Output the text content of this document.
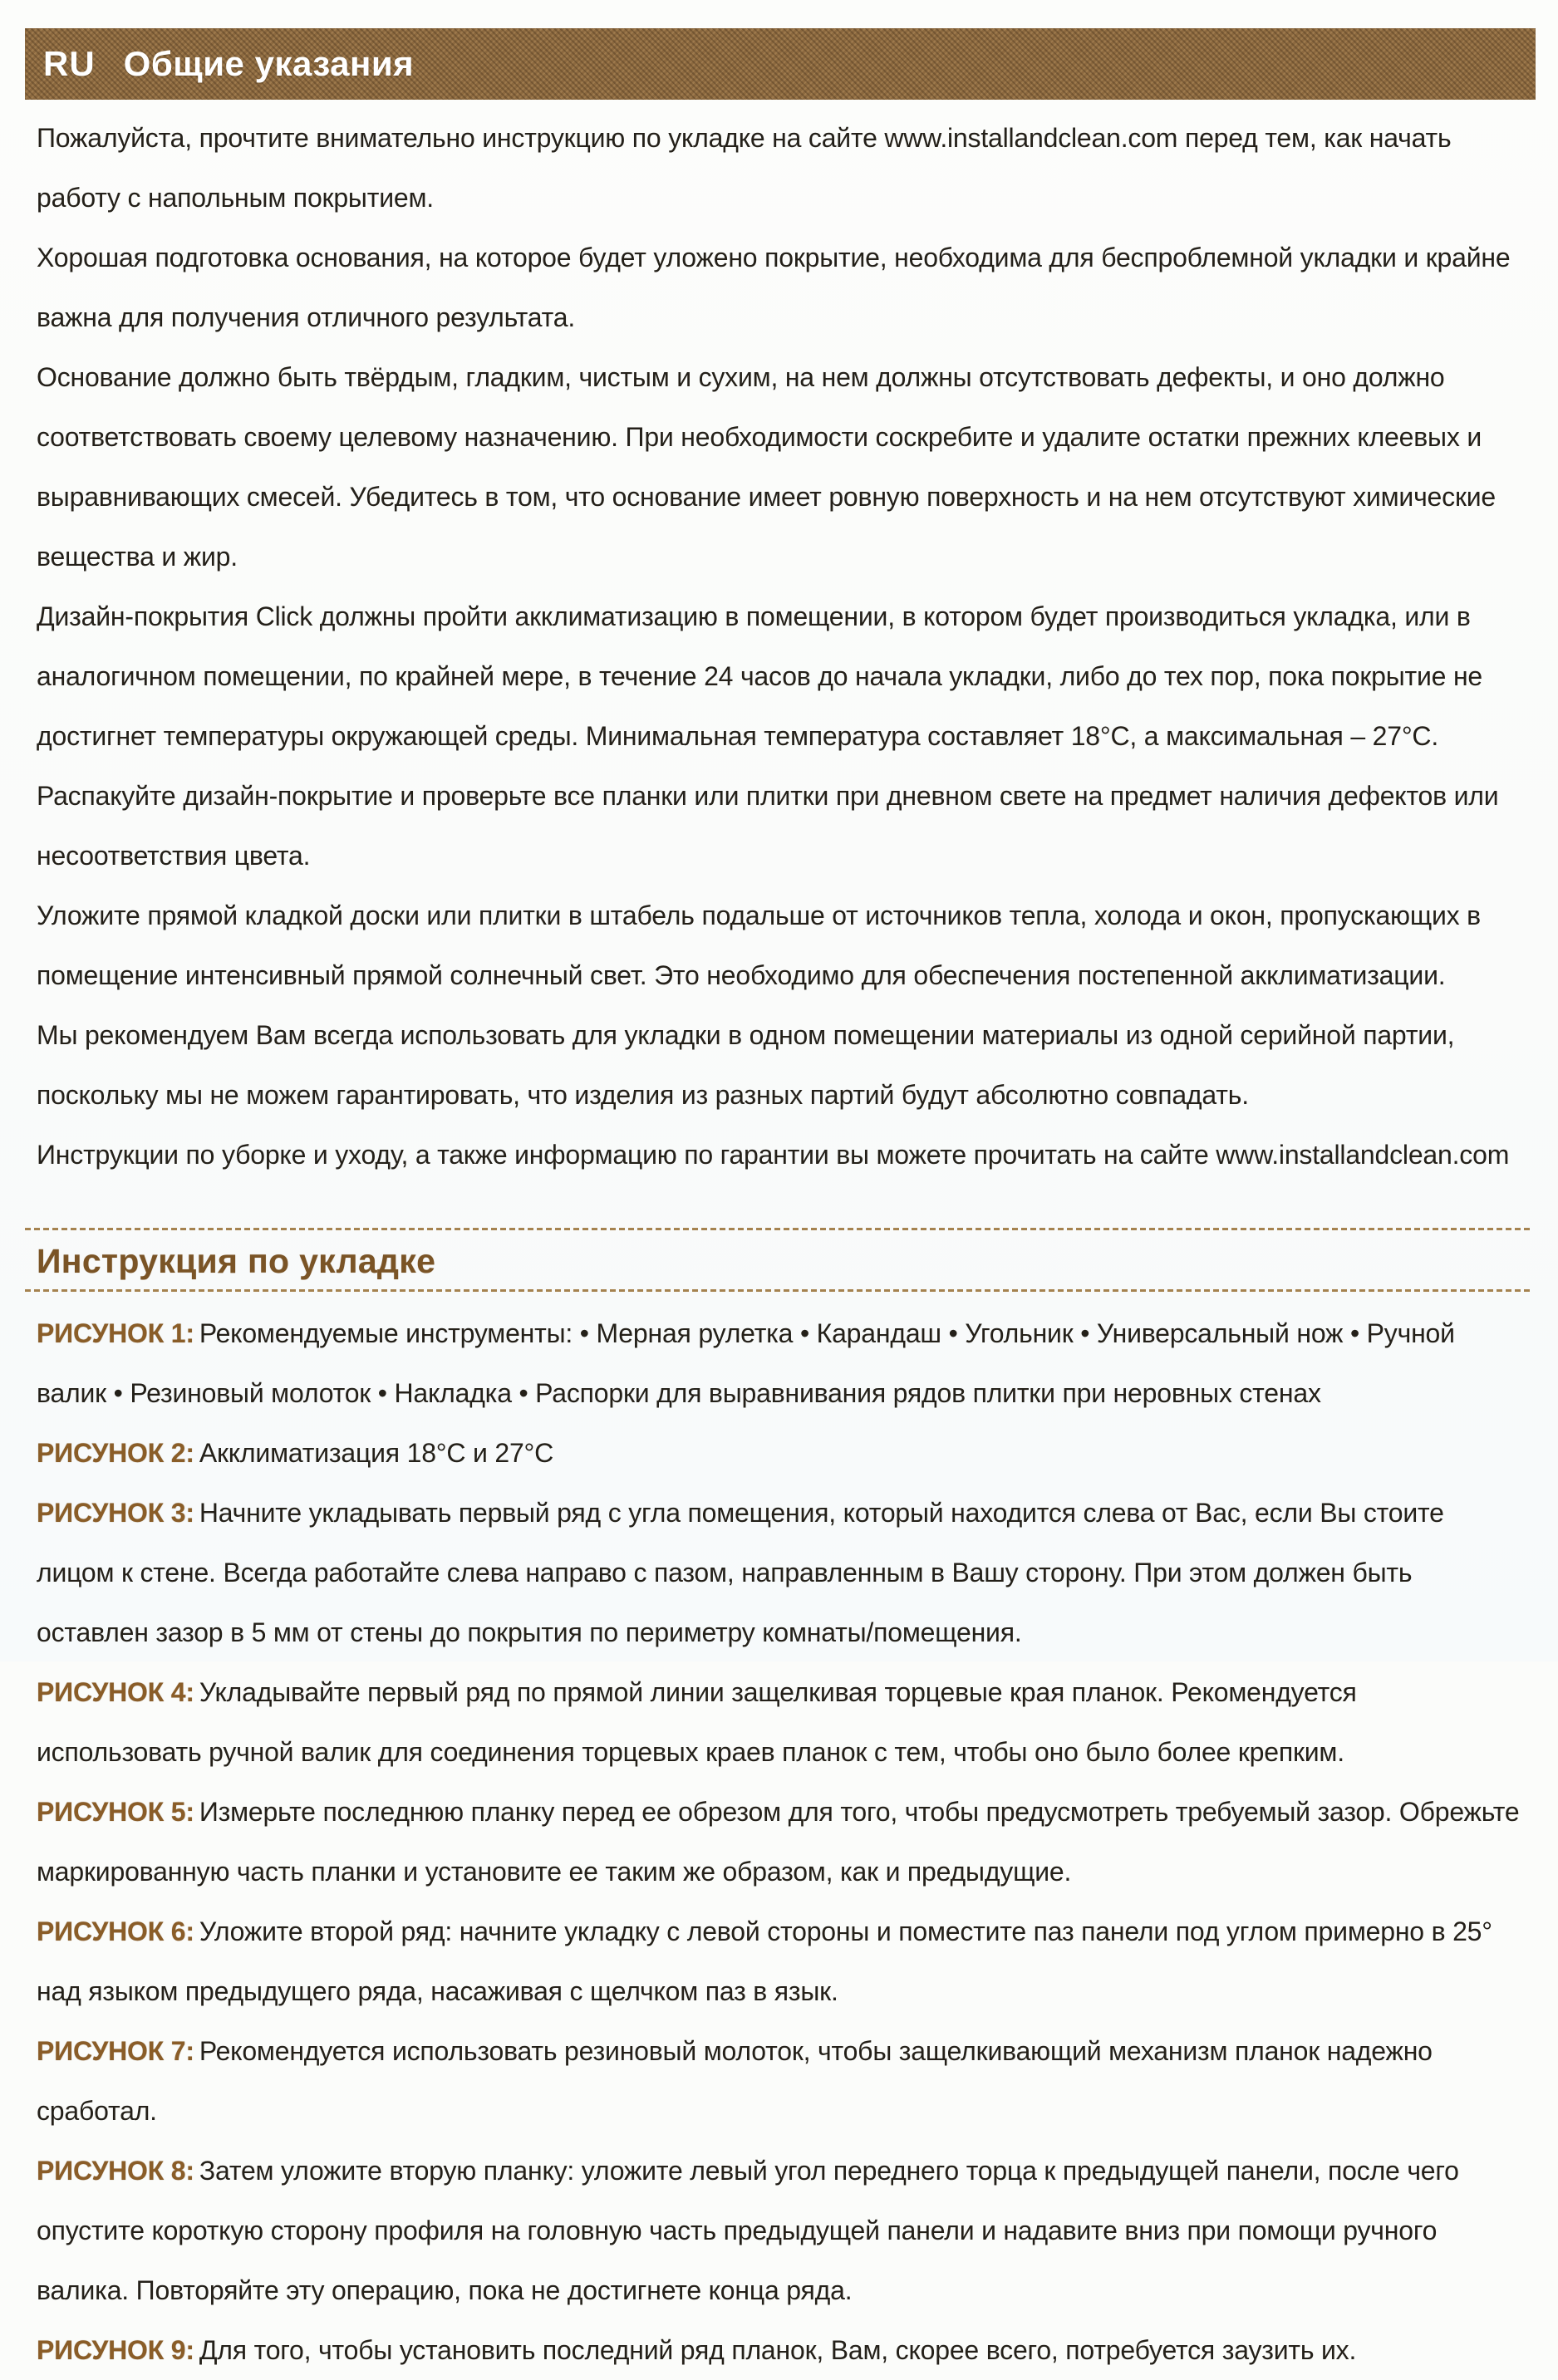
RU Общие указания

Пожалуйста, прочтите внимательно инструкцию по укладке на сайте www.installandclean.com перед тем, как начать работу с напольным покрытием.

Хорошая подготовка основания, на которое будет уложено покрытие, необходима для беспроблемной укладки и крайне важна для получения отличного результата.

Основание должно быть твёрдым, гладким, чистым и сухим, на нем должны отсутствовать дефекты, и оно должно соответствовать своему целевому назначению. При необходимости соскребите и удалите остатки прежних клеевых и выравнивающих смесей. Убедитесь в том, что основание имеет ровную поверхность и на нем отсутствуют химические вещества и жир.

Дизайн-покрытия Click должны пройти акклиматизацию в помещении, в котором будет производиться укладка, или в аналогичном помещении, по крайней мере, в течение 24 часов до начала укладки, либо до тех пор, пока покрытие не достигнет температуры окружающей среды. Минимальная температура составляет 18°C, а максимальная – 27°C.

Распакуйте дизайн-покрытие и проверьте все планки или плитки при дневном свете на предмет наличия дефектов или несоответствия цвета.

Уложите прямой кладкой доски или плитки в штабель подальше от источников тепла, холода и окон, пропускающих в помещение интенсивный прямой солнечный свет. Это необходимо для обеспечения постепенной акклиматизации.

Мы рекомендуем Вам всегда использовать для укладки в одном помещении материалы из одной серийной партии, поскольку мы не можем гарантировать, что изделия из разных партий будут абсолютно совпадать.

Инструкции по уборке и уходу, а также информацию по гарантии вы можете прочитать на сайте www.installandclean.com

Инструкция по укладке

РИСУНОК 1: Рекомендуемые инструменты: • Мерная рулетка • Карандаш • Угольник • Универсальный нож • Ручной валик • Резиновый молоток • Накладка • Распорки для выравнивания рядов плитки при неровных стенах

РИСУНОК 2: Акклиматизация 18°C и 27°C

РИСУНОК 3: Начните укладывать первый ряд с угла помещения, который находится слева от Вас, если Вы стоите лицом к стене. Всегда работайте слева направо с пазом, направленным в Вашу сторону. При этом должен быть оставлен зазор в 5 мм от стены до покрытия по периметру комнаты/помещения.

РИСУНОК 4: Укладывайте первый ряд по прямой линии защелкивая торцевые края планок. Рекомендуется использовать ручной валик для соединения торцевых краев планок с тем, чтобы оно было более крепким.

РИСУНОК 5: Измерьте последнюю планку перед ее обрезом для того, чтобы предусмотреть требуемый зазор. Обрежьте маркированную часть планки и установите ее таким же образом, как и предыдущие.

РИСУНОК 6: Уложите второй ряд: начните укладку с левой стороны и поместите паз панели под углом примерно в 25° над языком предыдущего ряда, насаживая с щелчком паз в язык.

РИСУНОК 7: Рекомендуется использовать резиновый молоток, чтобы защелкивающий механизм планок надежно сработал.

РИСУНОК 8: Затем уложите вторую планку: уложите левый угол переднего торца к предыдущей панели, после чего опустите короткую сторону профиля на головную часть предыдущей панели и надавите вниз при помощи ручного валика. Повторяйте эту операцию, пока не достигнете конца ряда.

РИСУНОК 9: Для того, чтобы установить последний ряд планок, Вам, скорее всего, потребуется заузить их.
